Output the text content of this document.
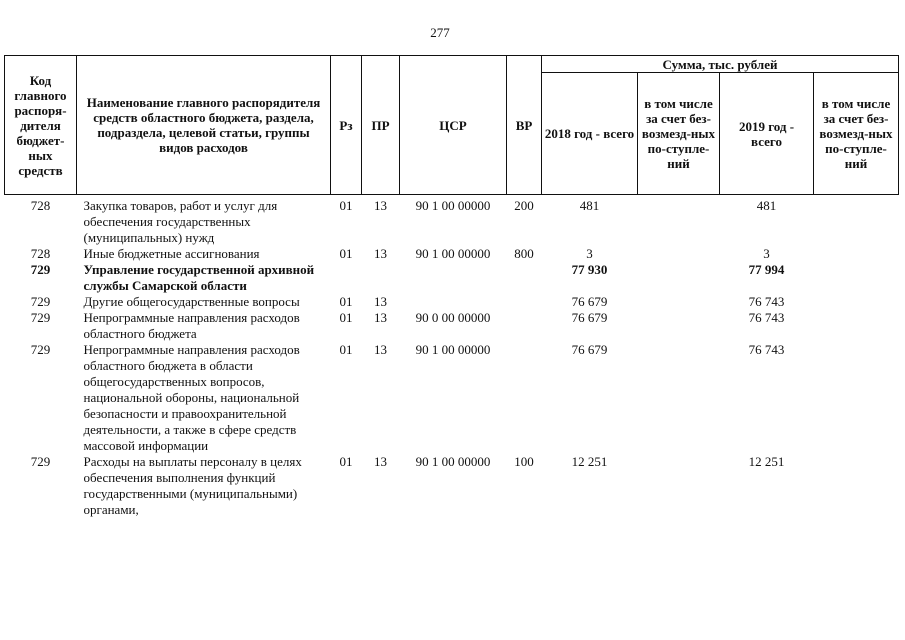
277
Код главного распоря-дителя бюджет-ных средств	Наименование главного распорядителя средств областного бюджета, раздела, подраздела, целевой статьи, группы видов расходов	Рз	ПР	ЦСР	ВР	Сумма, тыс. рублей			
						2018 год - всего	в том числе за счет без-возмезд-ных по-ступле-ний	2019 год - всего	в том числе за счет без-возмезд-ных по-ступле-ний
728	Закупка товаров, работ и услуг для обеспечения государственных (муниципальных) нужд	01	13	90 1 00 00000	200	481		481	
728	Иные бюджетные ассигнования	01	13	90 1 00 00000	800	3		3	
729	Управление государственной архивной службы Самарской области					77 930		77 994	
729	Другие общегосударственные вопросы	01	13			76 679		76 743	
729	Непрограммные направления расходов областного бюджета	01	13	90 0 00 00000		76 679		76 743	
729	Непрограммные направления расходов областного бюджета в области общегосударственных вопросов, национальной обороны, национальной безопасности и правоохранительной деятельности, а также в сфере средств массовой информации	01	13	90 1 00 00000		76 679		76 743	
729	Расходы на выплаты персоналу в целях обеспечения выполнения функций государственными (муниципальными) органами,	01	13	90 1 00 00000	100	12 251		12 251	
